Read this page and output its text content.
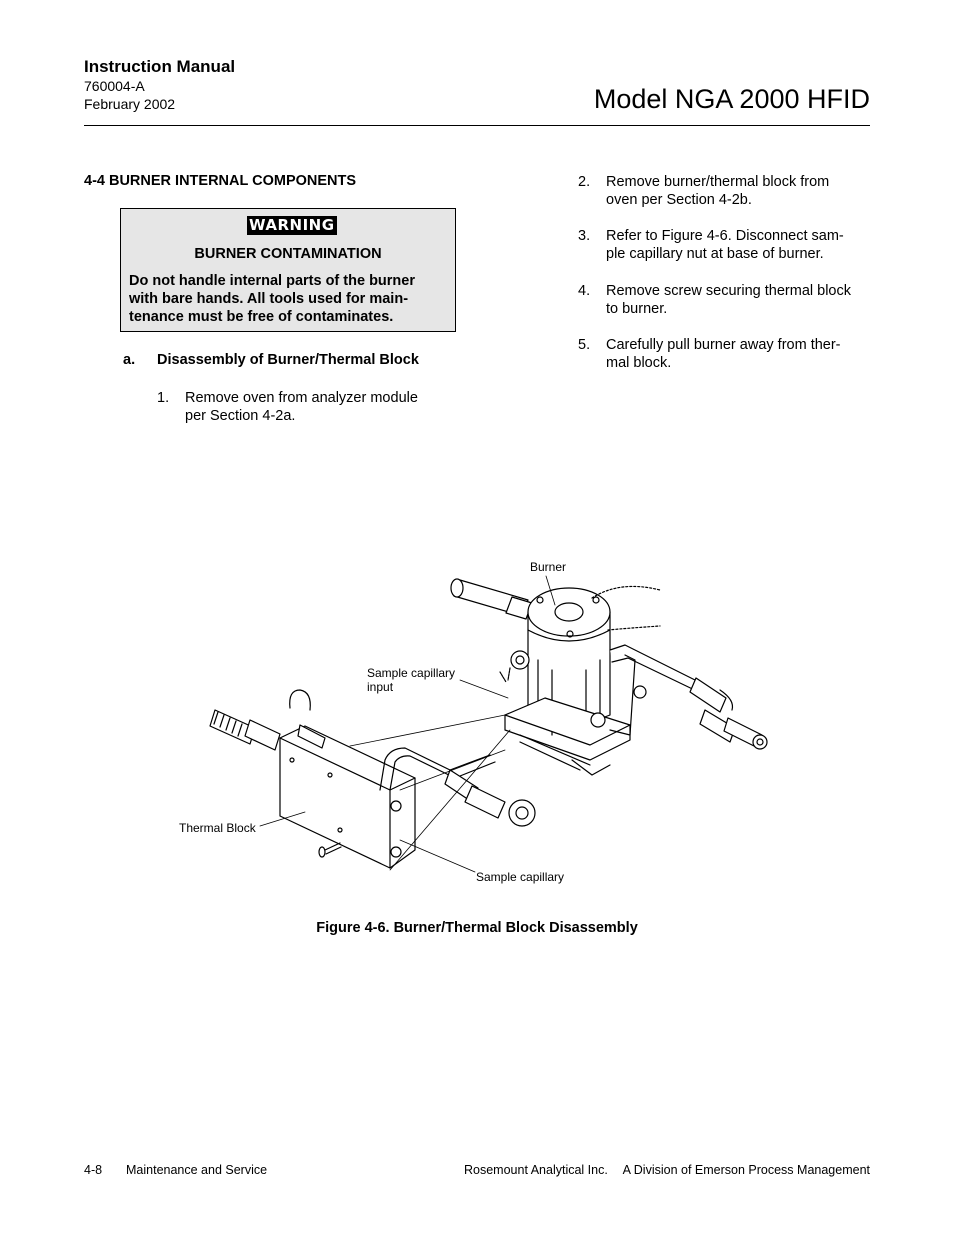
Instruction Manual
760004-A
February 2002	Model NGA 2000 HFID
4-4 BURNER INTERNAL COMPONENTS
WARNING
BURNER CONTAMINATION
Do not handle internal parts of the burner
with bare hands. All tools used for main-
tenance must be free of contaminates.
a. Disassembly of Burner/Thermal Block
1. Remove oven from analyzer module
per Section 4-2a.
2. Remove burner/thermal block from
oven per Section 4-2b.
3. Refer to Figure 4-6. Disconnect sam-
ple capillary nut at base of burner.
4. Remove screw securing thermal block
to burner.
5. Carefully pull burner away from ther-
mal block.
Burner
Sample capillary
input
Thermal Block
Sample capillary
Figure 4-6. Burner/Thermal Block Disassembly
4-8 Maintenance and Service	Rosemount Analytical Inc. A Division of Emerson Process Management
